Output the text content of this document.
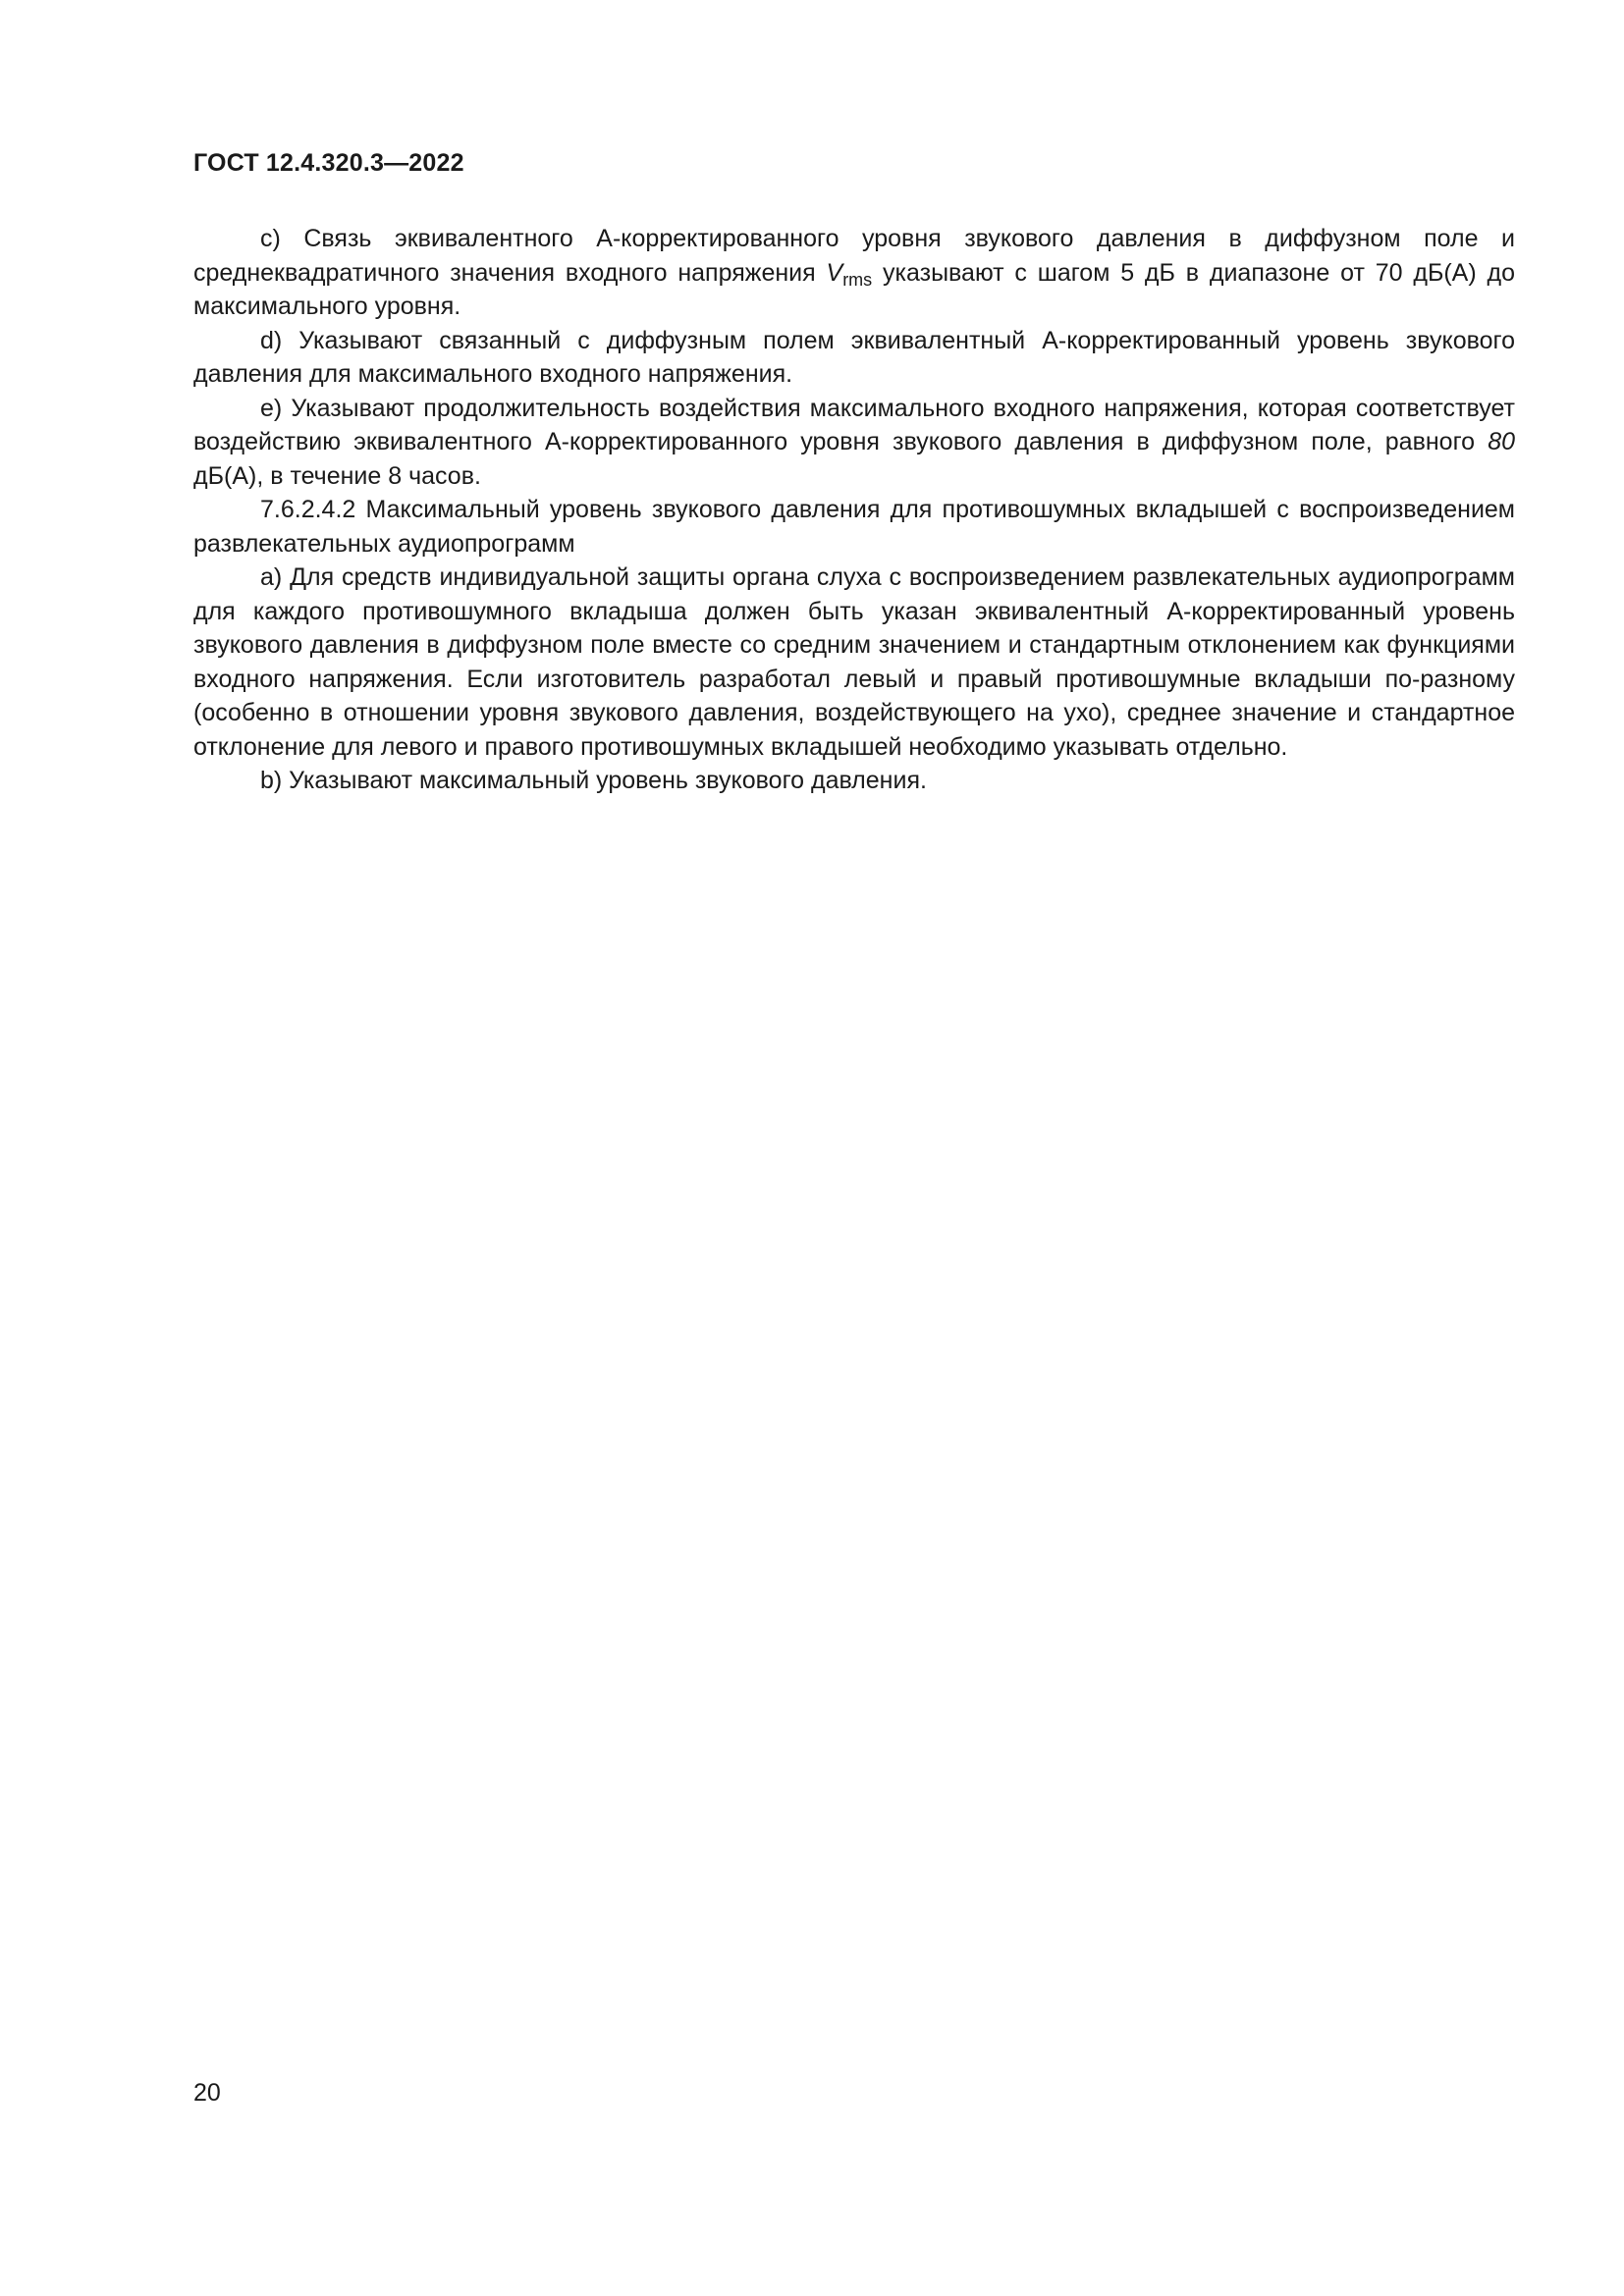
ГОСТ 12.4.320.3—2022

c) Связь эквивалентного А-корректированного уровня звукового давления в диффузном поле и среднеквадратичного значения входного напряжения $V_{rms}$ указывают с шагом 5 дБ в диапазоне от 70 дБ(А) до максимального уровня.

d) Указывают связанный с диффузным полем эквивалентный А-корректированный уровень звукового давления для максимального входного напряжения.

e) Указывают продолжительность воздействия максимального входного напряжения, которая соответствует воздействию эквивалентного А-корректированного уровня звукового давления в диффузном поле, равного 80 дБ(А), в течение 8 часов.

7.6.2.4.2 Максимальный уровень звукового давления для противошумных вкладышей с воспроизведением развлекательных аудиопрограмм

a) Для средств индивидуальной защиты органа слуха с воспроизведением развлекательных аудиопрограмм для каждого противошумного вкладыша должен быть указан эквивалентный А-корректированный уровень звукового давления в диффузном поле вместе со средним значением и стандартным отклонением как функциями входного напряжения. Если изготовитель разработал левый и правый противошумные вкладыши по-разному (особенно в отношении уровня звукового давления, воздействующего на ухо), среднее значение и стандартное отклонение для левого и правого противошумных вкладышей необходимо указывать отдельно.

b) Указывают максимальный уровень звукового давления.

20
